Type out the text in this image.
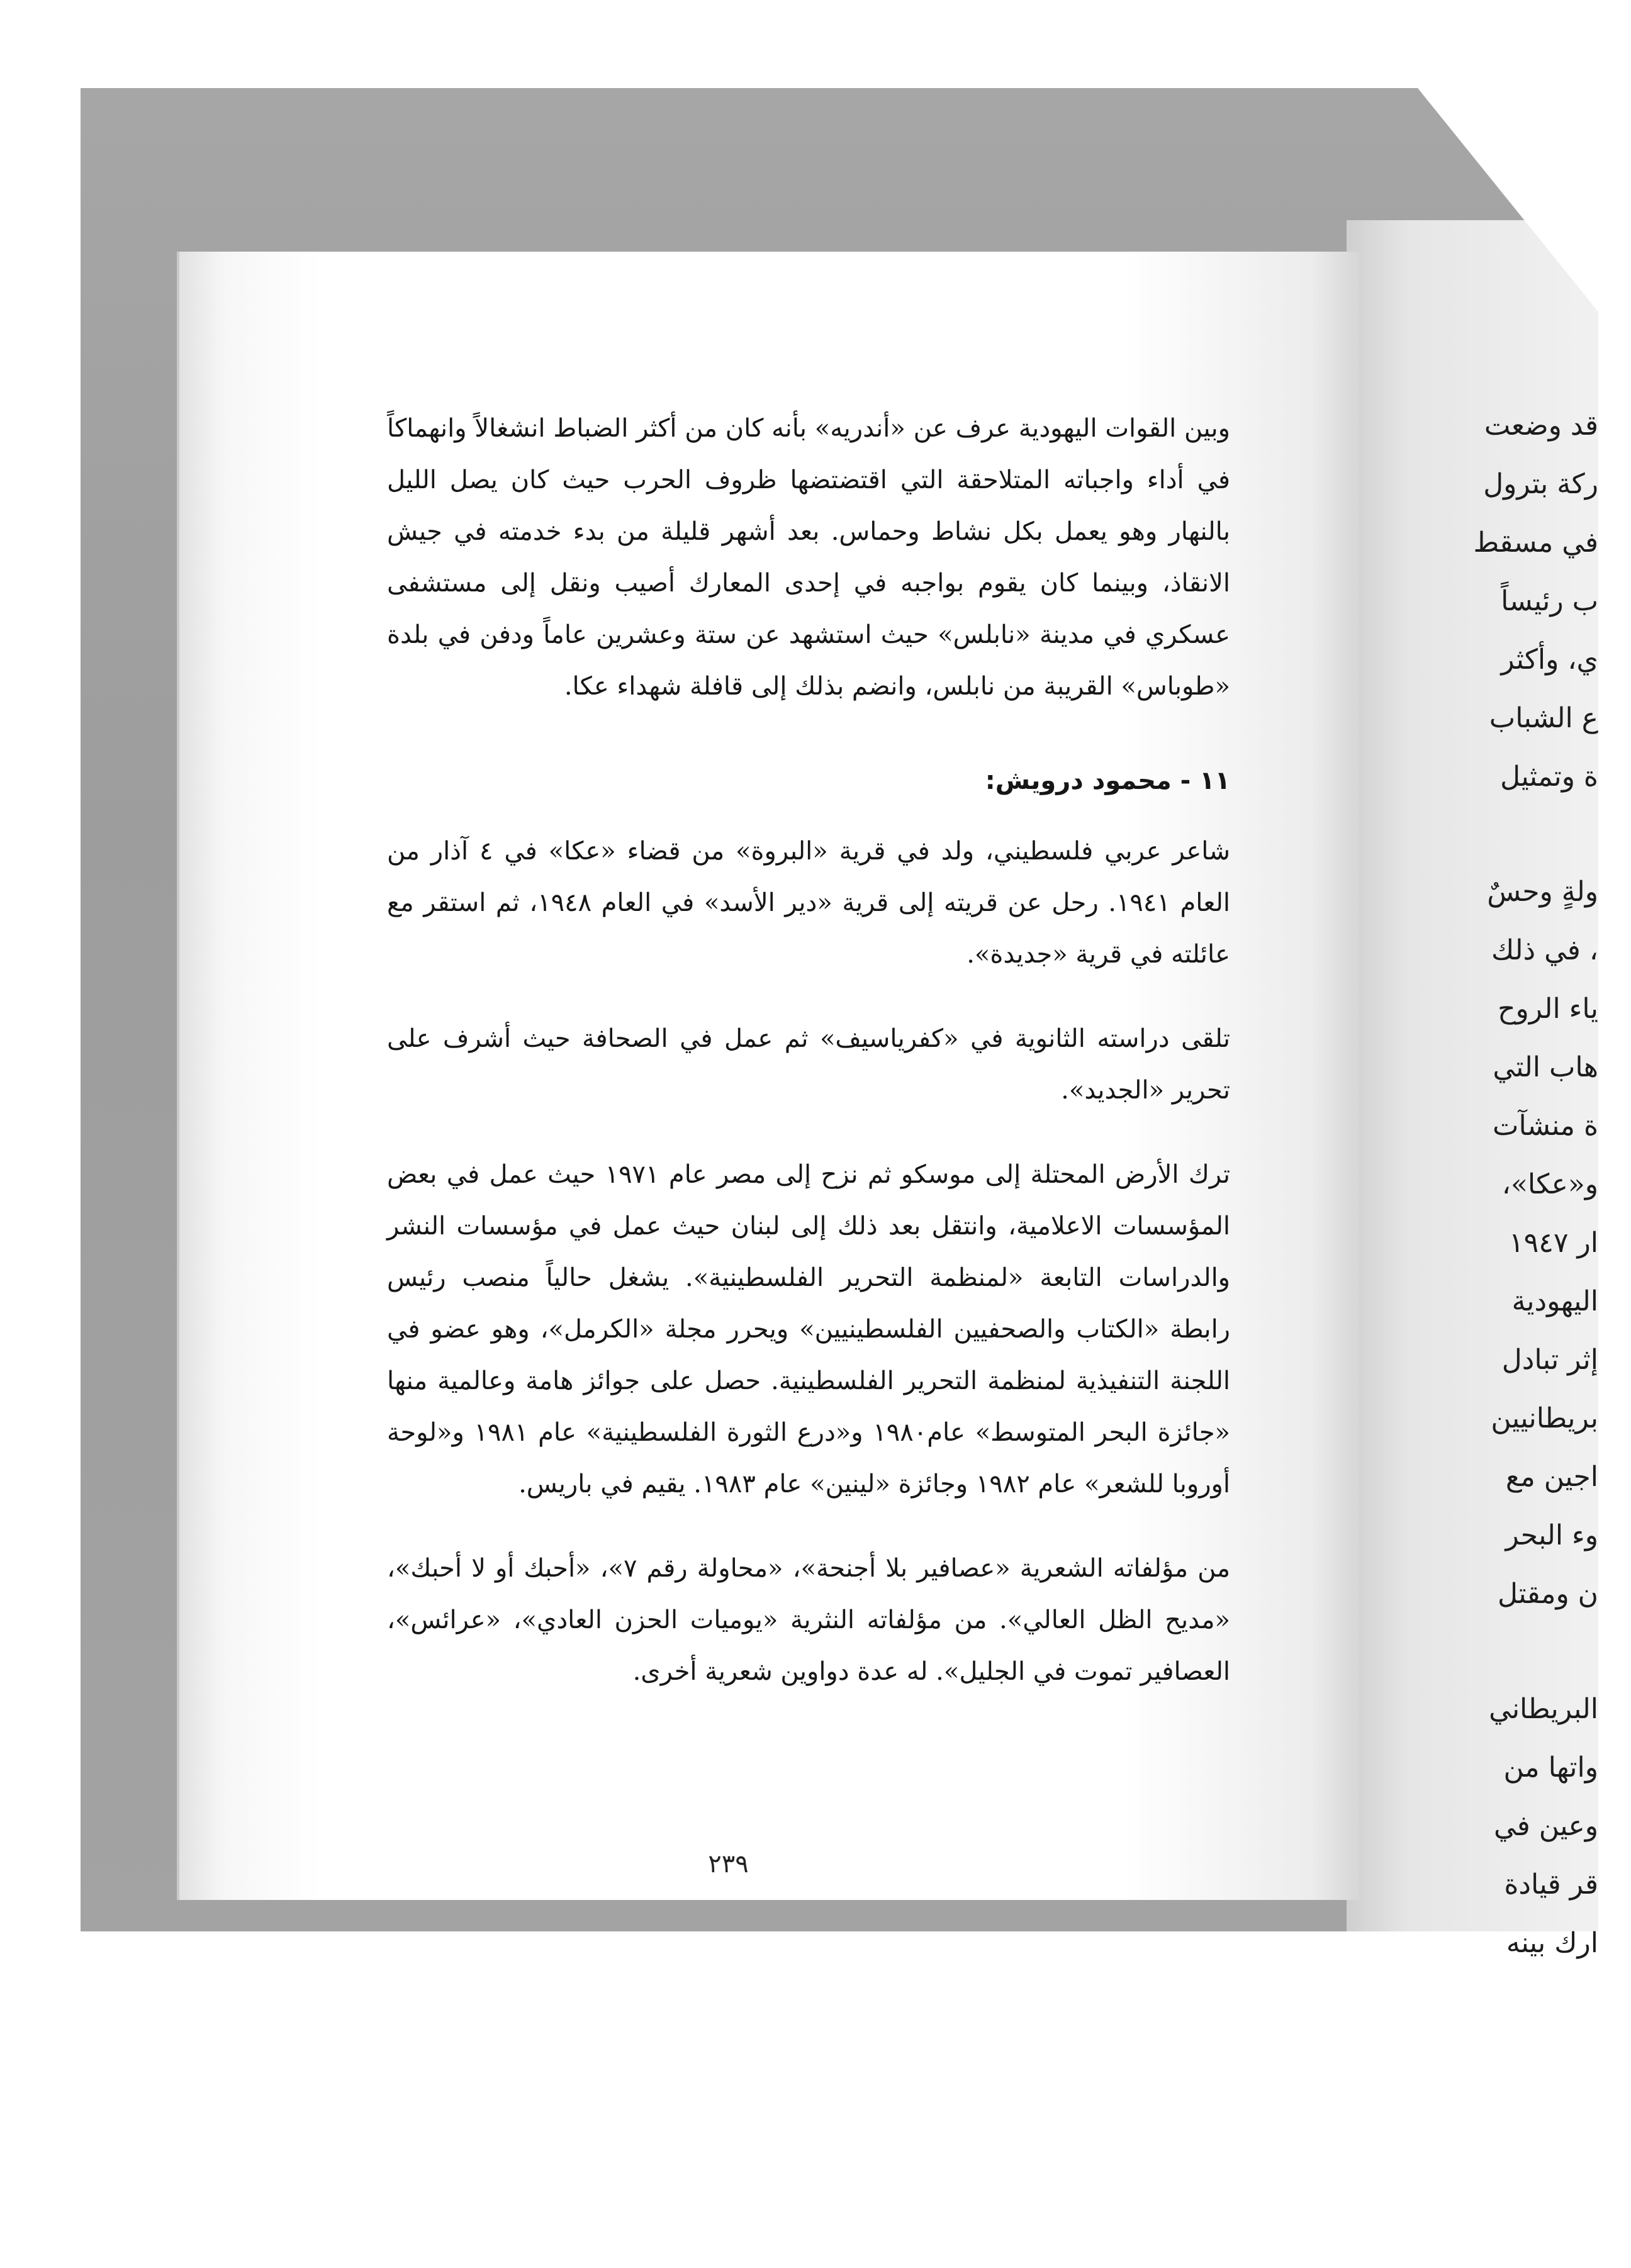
قد وضعت
ركة بترول
في مسقط
ب رئيساً
ي، وأكثر
ع الشباب
ة وتمثيل
ولةٍ وحسٌ
، في ذلك
ياء الروح
هاب التي
ة منشآت
و«عكا»،
ار ١٩٤٧
اليهودية
إثر تبادل
بريطانيين
اجين مع
وء البحر
ن ومقتل
البريطاني
واتها من
وعين في
قر قيادة
ارك بينه

وبين القوات اليهودية عرف عن «أندريه» بأنه كان من أكثر الضباط انشغالاً وانهماكاً في أداء واجباته المتلاحقة التي اقتضتضها ظروف الحرب حيث كان يصل الليل بالنهار وهو يعمل بكل نشاط وحماس. بعد أشهر قليلة من بدء خدمته في جيش الانقاذ، وبينما كان يقوم بواجبه في إحدى المعارك أصيب ونقل إلى مستشفى عسكري في مدينة «نابلس» حيث استشهد عن ستة وعشرين عاماً ودفن في بلدة «طوباس» القريبة من نابلس، وانضم بذلك إلى قافلة شهداء عكا.

١١ - محمود درويش:

شاعر عربي فلسطيني، ولد في قرية «البروة» من قضاء «عكا» في ٤ آذار من العام ١٩٤١. رحل عن قريته إلى قرية «دير الأسد» في العام ١٩٤٨، ثم استقر مع عائلته في قرية «جديدة».

تلقى دراسته الثانوية في «كفرياسيف» ثم عمل في الصحافة حيث أشرف على تحرير «الجديد».

ترك الأرض المحتلة إلى موسكو ثم نزح إلى مصر عام ١٩٧١ حيث عمل في بعض المؤسسات الاعلامية، وانتقل بعد ذلك إلى لبنان حيث عمل في مؤسسات النشر والدراسات التابعة «لمنظمة التحرير الفلسطينية». يشغل حالياً منصب رئيس رابطة «الكتاب والصحفيين الفلسطينيين» ويحرر مجلة «الكرمل»، وهو عضو في اللجنة التنفيذية لمنظمة التحرير الفلسطينية. حصل على جوائز هامة وعالمية منها «جائزة البحر المتوسط» عام١٩٨٠ و«درع الثورة الفلسطينية» عام ١٩٨١ و«لوحة أوروبا للشعر» عام ١٩٨٢ وجائزة «لينين» عام ١٩٨٣. يقيم في باريس.

من مؤلفاته الشعرية «عصافير بلا أجنحة»، «محاولة رقم ٧»، «أحبك أو لا أحبك»، «مديح الظل العالي». من مؤلفاته النثرية «يوميات الحزن العادي»، «عرائس»، العصافير تموت في الجليل». له عدة دواوين شعرية أخرى.

٢٣٩
